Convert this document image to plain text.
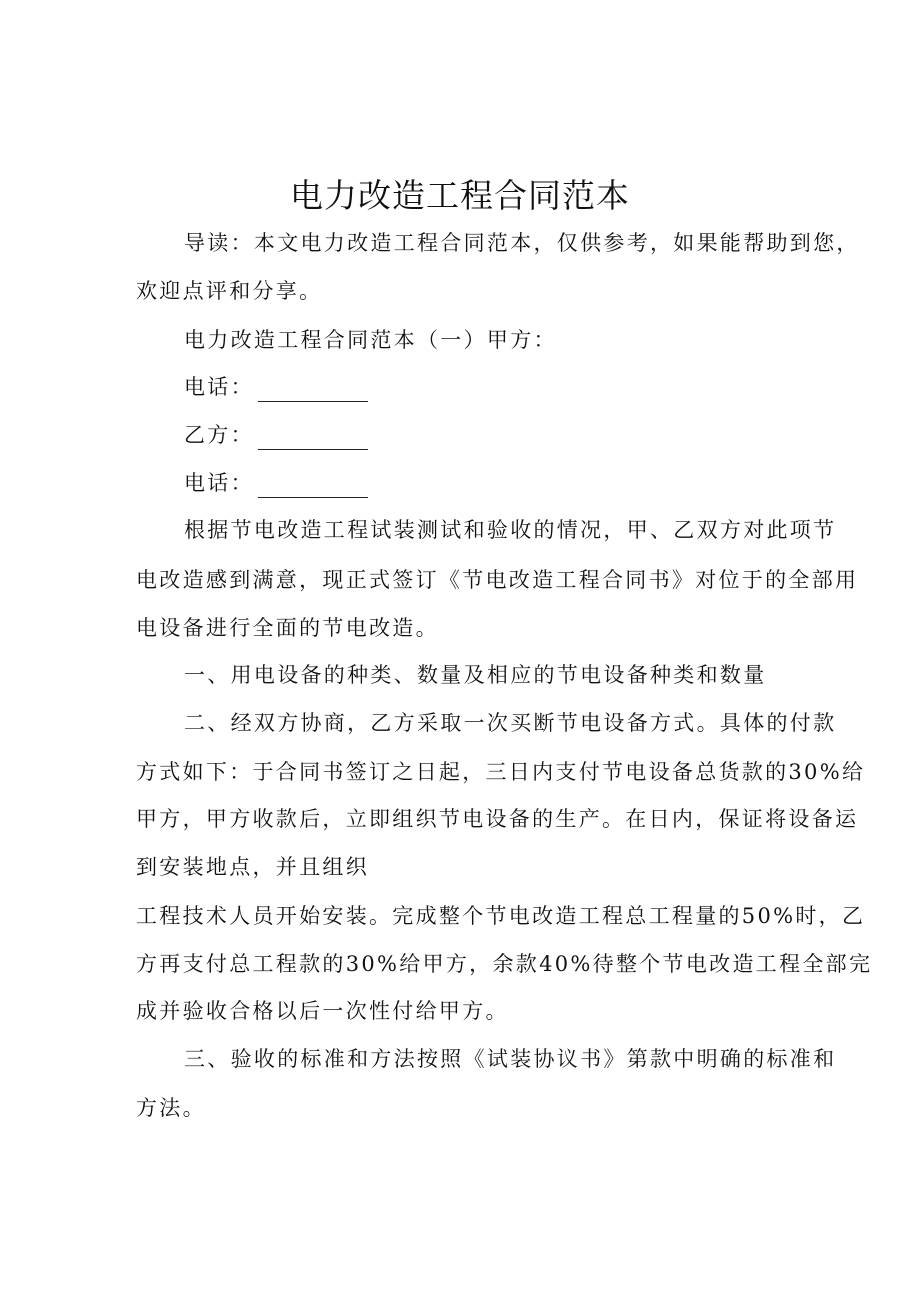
电力改造工程合同范本
导读：本文电力改造工程合同范本，仅供参考，如果能帮助到您，
欢迎点评和分享。
电力改造工程合同范本（一）甲方：
电话：
乙方：
电话：
根据节电改造工程试装测试和验收的情况，甲、乙双方对此项节
电改造感到满意，现正式签订《节电改造工程合同书》对位于的全部用
电设备进行全面的节电改造。
一、用电设备的种类、数量及相应的节电设备种类和数量
二、经双方协商，乙方采取一次买断节电设备方式。具体的付款
方式如下：于合同书签订之日起，三日内支付节电设备总货款的30%给
甲方，甲方收款后，立即组织节电设备的生产。在日内，保证将设备运
到安装地点，并且组织
工程技术人员开始安装。完成整个节电改造工程总工程量的50%时，乙
方再支付总工程款的30%给甲方，余款40%待整个节电改造工程全部完
成并验收合格以后一次性付给甲方。
三、验收的标准和方法按照《试装协议书》第款中明确的标准和
方法。
